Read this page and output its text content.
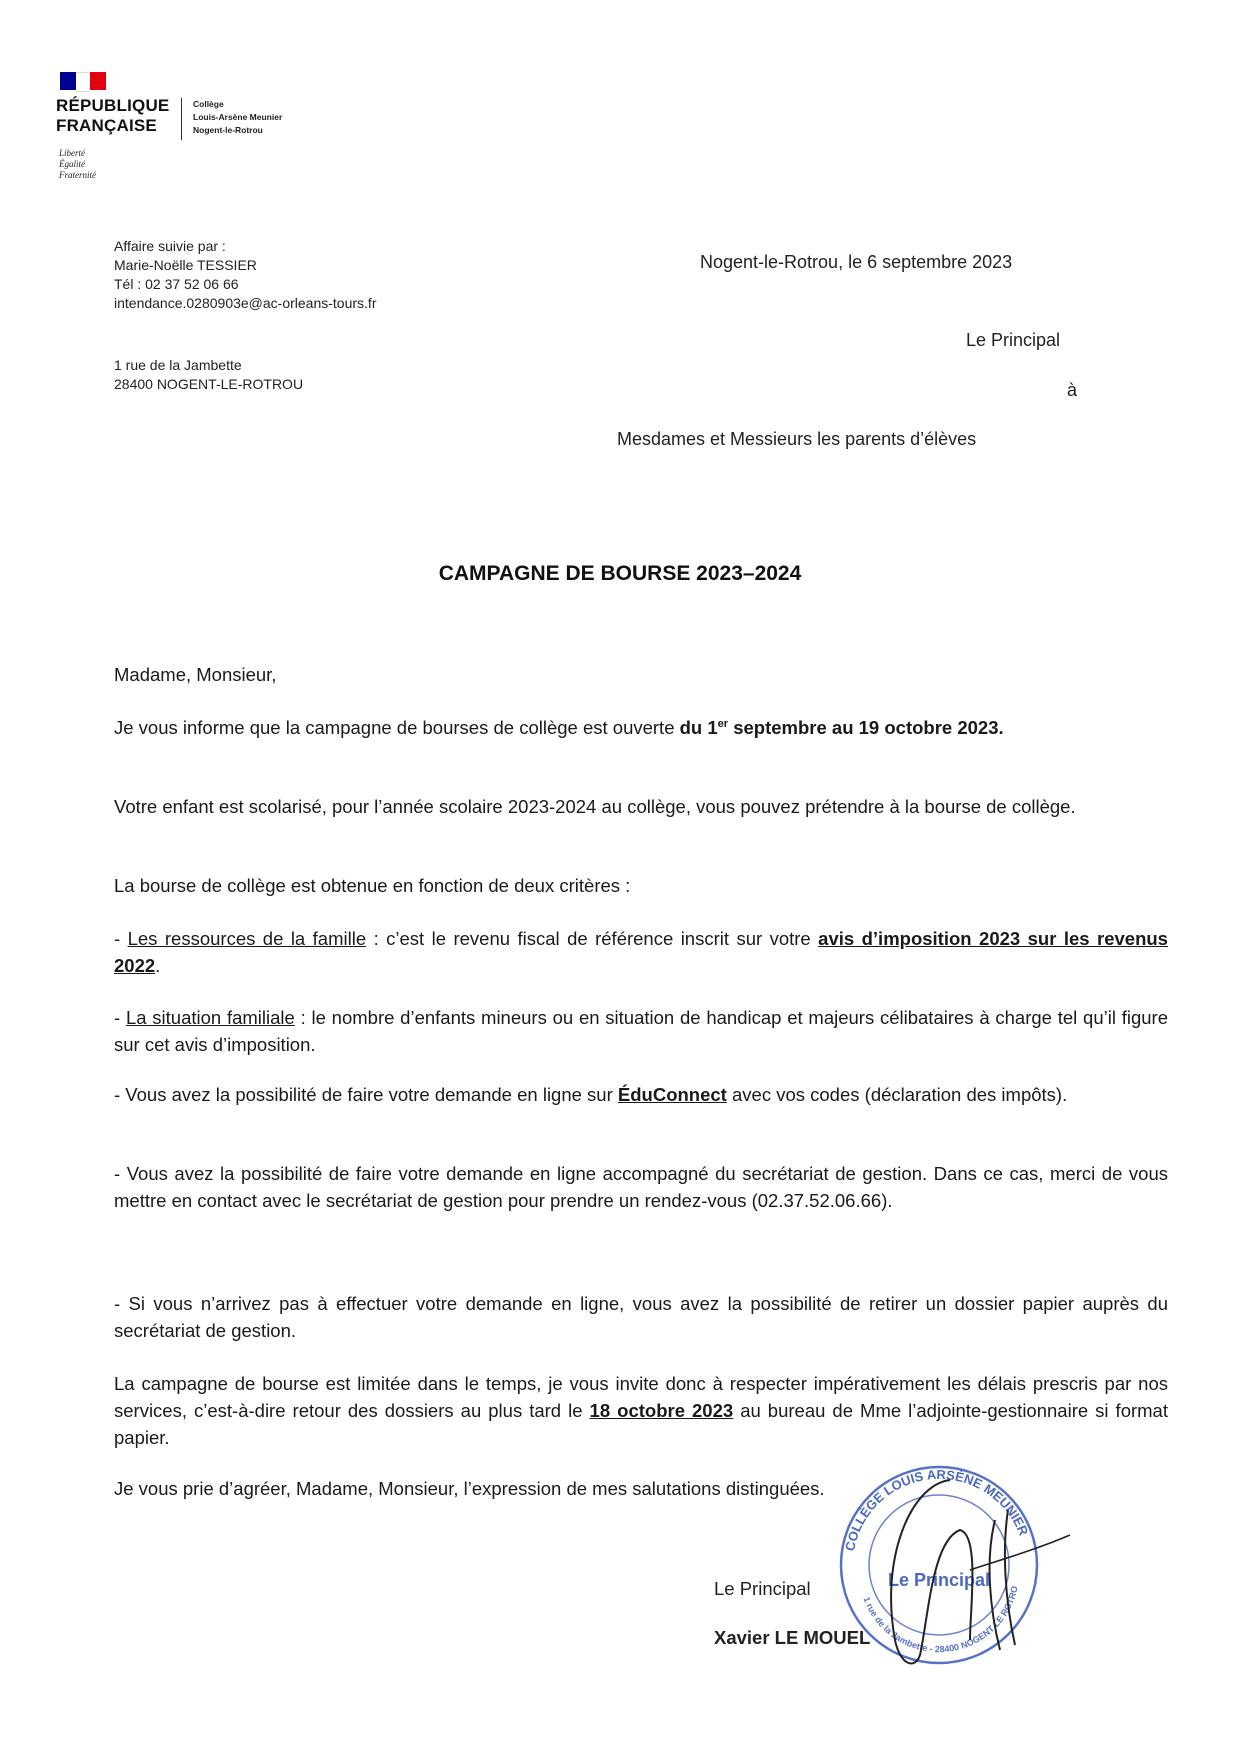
RÉPUBLIQUE
FRANÇAISE
Liberté
Égalité
Fraternité
Collège
Louis-Arsène Meunier
Nogent-le-Rotrou
Affaire suivie par :
Marie-Noëlle TESSIER
Tél : 02 37 52 06 66
intendance.0280903e@ac-orleans-tours.fr
1 rue de la Jambette
28400 NOGENT-LE-ROTROU
Nogent-le-Rotrou, le 6 septembre 2023
Le Principal
à
Mesdames et Messieurs les parents d’élèves
CAMPAGNE DE BOURSE 2023–2024

Madame, Monsieur,

Je vous informe que la campagne de bourses de collège est ouverte du 1er septembre au 19 octobre 2023.

Votre enfant est scolarisé, pour l’année scolaire 2023-2024 au collège, vous pouvez prétendre à la bourse de collège.

La bourse de collège est obtenue en fonction de deux critères :

- Les ressources de la famille : c’est le revenu fiscal de référence inscrit sur votre avis d’imposition 2023 sur les revenus 2022.

- La situation familiale : le nombre d’enfants mineurs ou en situation de handicap et majeurs célibataires à charge tel qu’il figure sur cet avis d’imposition.

- Vous avez la possibilité de faire votre demande en ligne sur ÉduConnect avec vos codes (déclaration des impôts).

- Vous avez la possibilité de faire votre demande en ligne accompagné du secrétariat de gestion. Dans ce cas, merci de vous mettre en contact avec le secrétariat de gestion pour prendre un rendez-vous (02.37.52.06.66).

- Si vous n’arrivez pas à effectuer votre demande en ligne, vous avez la possibilité de retirer un dossier papier auprès du secrétariat de gestion.

La campagne de bourse est limitée dans le temps, je vous invite donc à respecter impérativement les délais prescris par nos services, c’est-à-dire retour des dossiers au plus tard le 18 octobre 2023 au bureau de Mme l’adjointe-gestionnaire si format papier.

Je vous prie d’agréer, Madame, Monsieur, l’expression de mes salutations distinguées.

Le Principal
Xavier LE MOUEL
COLLÈGE LOUIS ARSÈNE MEUNIER
1 rue de la Jambette - 28400 NOGENT LE ROTRO
Le Principal
